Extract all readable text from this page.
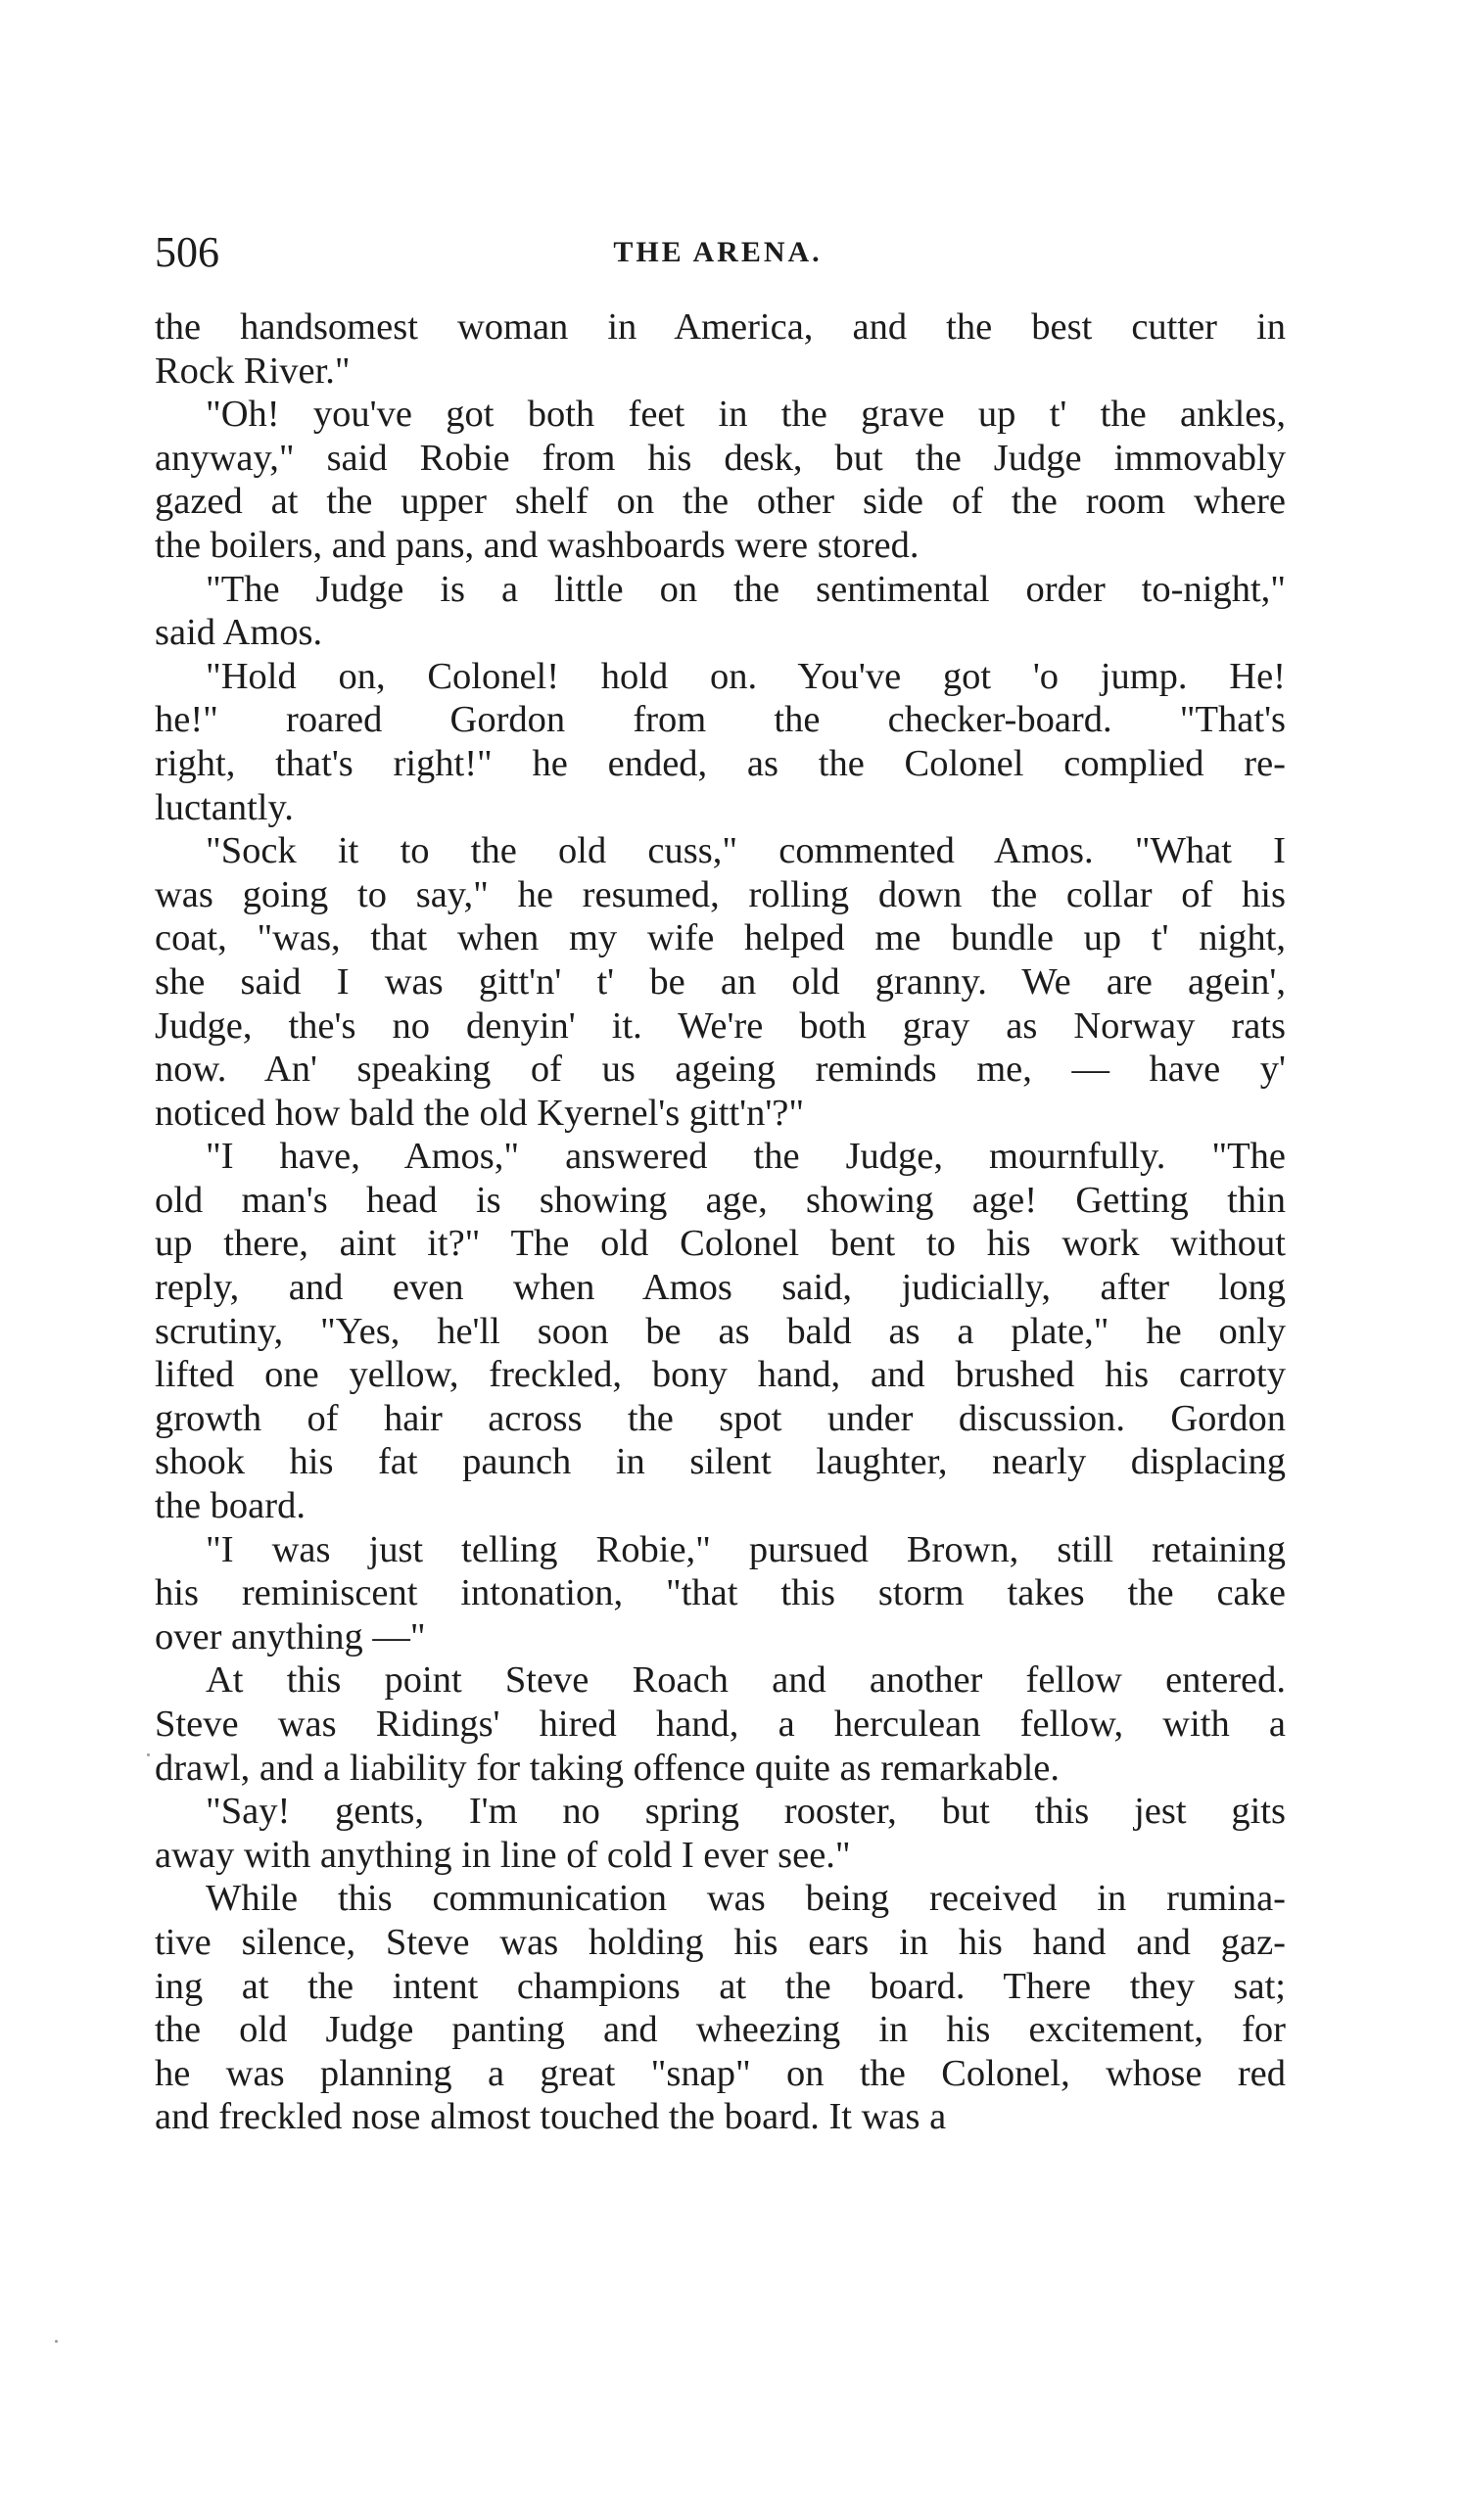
506	THE ARENA.

the handsomest woman in America, and the best cutter in
Rock River."

"Oh! you've got both feet in the grave up t' the ankles,
anyway," said Robie from his desk, but the Judge immovably
gazed at the upper shelf on the other side of the room where
the boilers, and pans, and washboards were stored.

"The Judge is a little on the sentimental order to-night,"
said Amos.

"Hold on, Colonel! hold on. You've got 'o jump. He!
he!" roared Gordon from the checker-board. "That's
right, that's right!" he ended, as the Colonel complied re-
luctantly.

"Sock it to the old cuss," commented Amos. "What I
was going to say," he resumed, rolling down the collar of his
coat, "was, that when my wife helped me bundle up t' night,
she said I was gitt'n' t' be an old granny. We are agein',
Judge, the's no denyin' it. We're both gray as Norway rats
now. An' speaking of us ageing reminds me, — have y'
noticed how bald the old Kyernel's gitt'n'?"

"I have, Amos," answered the Judge, mournfully. "The
old man's head is showing age, showing age! Getting thin
up there, aint it?" The old Colonel bent to his work without
reply, and even when Amos said, judicially, after long
scrutiny, "Yes, he'll soon be as bald as a plate," he only
lifted one yellow, freckled, bony hand, and brushed his carroty
growth of hair across the spot under discussion. Gordon
shook his fat paunch in silent laughter, nearly displacing
the board.

"I was just telling Robie," pursued Brown, still retaining
his reminiscent intonation, "that this storm takes the cake
over anything —"

At this point Steve Roach and another fellow entered.
Steve was Ridings' hired hand, a herculean fellow, with a
drawl, and a liability for taking offence quite as remarkable.

"Say! gents, I'm no spring rooster, but this jest gits
away with anything in line of cold I ever see."

While this communication was being received in rumina-
tive silence, Steve was holding his ears in his hand and gaz-
ing at the intent champions at the board. There they sat;
the old Judge panting and wheezing in his excitement, for
he was planning a great "snap" on the Colonel, whose red
and freckled nose almost touched the board. It was a
